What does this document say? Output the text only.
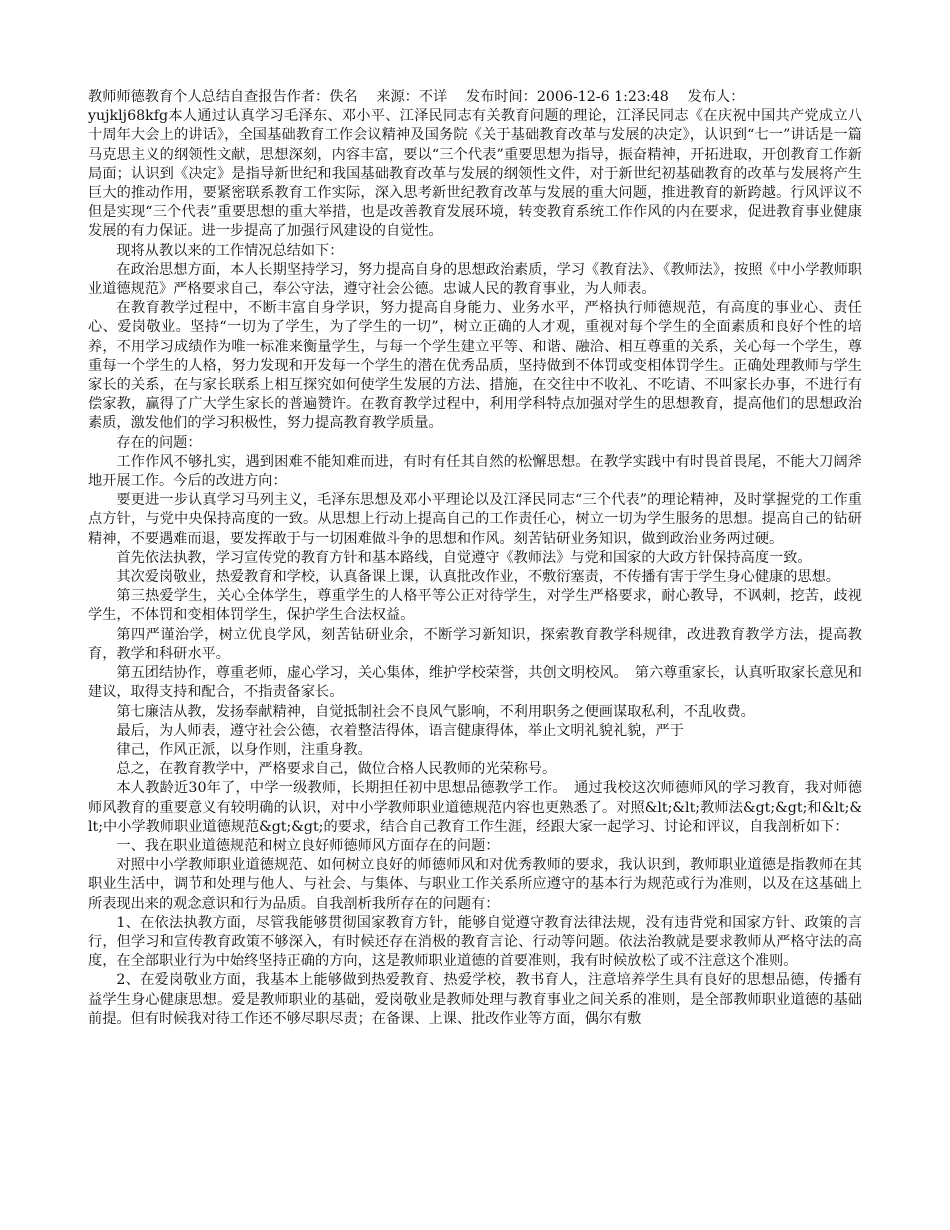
教师师德教育个人总结自查报告作者：佚名　 来源：不详　 发布时间：2006-12-6 1:23:48　 发布人：

yujklj68kfg本人通过认真学习毛泽东、邓小平、江泽民同志有关教育问题的理论，江泽民同志《在庆祝中国共产党成立八十周年大会上的讲话》，全国基础教育工作会议精神及国务院《关于基础教育改革与发展的决定》，认识到“七一”讲话是一篇马克思主义的纲领性文献，思想深刻，内容丰富，要以“三个代表”重要思想为指导，振奋精神，开拓进取，开创教育工作新局面；认识到《决定》是指导新世纪和我国基础教育改革与发展的纲领性文件，对于新世纪初基础教育的改革与发展将产生巨大的推动作用，要紧密联系教育工作实际，深入思考新世纪教育改革与发展的重大问题，推进教育的新跨越。行风评议不但是实现“三个代表”重要思想的重大举措，也是改善教育发展环境，转变教育系统工作作风的内在要求，促进教育事业健康发展的有力保证。进一步提高了加强行风建设的自觉性。

现将从教以来的工作情况总结如下：

在政治思想方面，本人长期坚持学习，努力提高自身的思想政治素质，学习《教育法》、《教师法》，按照《中小学教师职业道德规范》严格要求自己，奉公守法，遵守社会公德。忠诚人民的教育事业，为人师表。

在教育教学过程中，不断丰富自身学识，努力提高自身能力、业务水平，严格执行师德规范，有高度的事业心、责任心、爱岗敬业。坚持“一切为了学生，为了学生的一切”，树立正确的人才观，重视对每个学生的全面素质和良好个性的培养，不用学习成绩作为唯一标准来衡量学生，与每一个学生建立平等、和谐、融洽、相互尊重的关系，关心每一个学生，尊重每一个学生的人格，努力发现和开发每一个学生的潜在优秀品质，坚持做到不体罚或变相体罚学生。正确处理教师与学生家长的关系，在与家长联系上相互探究如何使学生发展的方法、措施，在交往中不收礼、不吃请、不叫家长办事，不进行有偿家教，赢得了广大学生家长的普遍赞许。在教育教学过程中，利用学科特点加强对学生的思想教育，提高他们的思想政治素质，激发他们的学习积极性，努力提高教育教学质量。

存在的问题：

工作作风不够扎实，遇到困难不能知难而进，有时有任其自然的松懈思想。在教学实践中有时畏首畏尾，不能大刀阔斧地开展工作。今后的改进方向：

要更进一步认真学习马列主义，毛泽东思想及邓小平理论以及江泽民同志“三个代表”的理论精神，及时掌握党的工作重点方针，与党中央保持高度的一致。从思想上行动上提高自己的工作责任心，树立一切为学生服务的思想。提高自己的钻研精神，不要遇难而退，要发挥敢于与一切困难做斗争的思想和作风。刻苦钻研业务知识，做到政治业务两过硬。

首先依法执教，学习宣传党的教育方针和基本路线，自觉遵守《教师法》与党和国家的大政方针保持高度一致。

其次爱岗敬业，热爱教育和学校，认真备课上课，认真批改作业，不敷衍塞责，不传播有害于学生身心健康的思想。

第三热爱学生，关心全体学生，尊重学生的人格平等公正对待学生，对学生严格要求，耐心教导，不讽刺，挖苦，歧视学生，不体罚和变相体罚学生，保护学生合法权益。

第四严谨治学，树立优良学风，刻苦钻研业余，不断学习新知识，探索教育教学科规律，改进教育教学方法，提高教育，教学和科研水平。

第五团结协作，尊重老师，虚心学习，关心集体，维护学校荣誉，共创文明校风。　第六尊重家长，认真听取家长意见和建议，取得支持和配合，不指责备家长。

第七廉洁从教，发扬奉献精神，自觉抵制社会不良风气影响，不利用职务之便画谋取私利，不乱收费。

最后，为人师表，遵守社会公德，衣着整洁得体，语言健康得体，举止文明礼貌礼貌，严于

律己，作风正派，以身作则，注重身教。

总之，在教育教学中，严格要求自己，做位合格人民教师的光荣称号。

本人教龄近30年了，中学一级教师，长期担任初中思想品德教学工作。　通过我校这次师德师风的学习教育，我对师德师风教育的重要意义有较明确的认识，对中小学教师职业道德规范内容也更熟悉了。对照&lt;&lt;教师法&gt;&gt;和&lt;&lt;中小学教师职业道德规范&gt;&gt;的要求，结合自己教育工作生涯，经跟大家一起学习、讨论和评议，自我剖析如下：

一、我在职业道德规范和树立良好师德师风方面存在的问题：

对照中小学教师职业道德规范、如何树立良好的师德师风和对优秀教师的要求，我认识到，教师职业道德是指教师在其职业生活中，调节和处理与他人、与社会、与集体、与职业工作关系所应遵守的基本行为规范或行为准则，以及在这基础上所表现出来的观念意识和行为品质。自我剖析我所存在的问题有：

1、在依法执教方面，尽管我能够贯彻国家教育方针，能够自觉遵守教育法律法规，没有违背党和国家方针、政策的言行，但学习和宣传教育政策不够深入，有时候还存在消极的教育言论、行动等问题。依法治教就是要求教师从严格守法的高度，在全部职业行为中始终坚持正确的方向，这是教师职业道德的首要准则，我有时候放松了或不注意这个准则。

2、在爱岗敬业方面，我基本上能够做到热爱教育、热爱学校，教书育人，注意培养学生具有良好的思想品德，传播有益学生身心健康思想。爱是教师职业的基础，爱岗敬业是教师处理与教育事业之间关系的准则，是全部教师职业道德的基础前提。但有时候我对待工作还不够尽职尽责；在备课、上课、批改作业等方面，偶尔有敷
